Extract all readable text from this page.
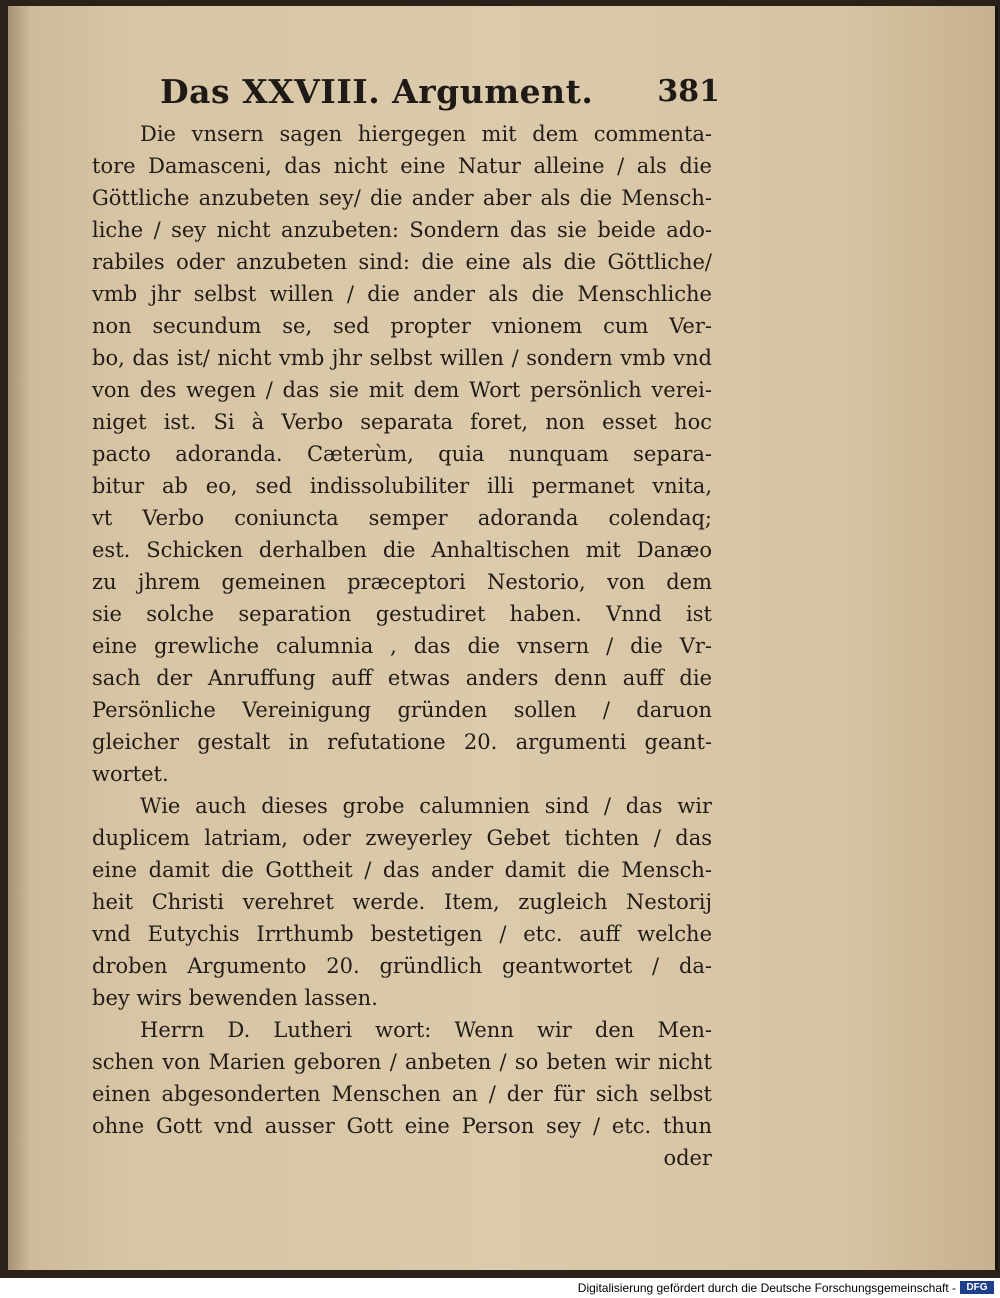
Das XXVIII. Argument. 381
Die vnsern sagen hiergegen mit dem commenta-
tore Damasceni, das nicht eine Natur alleine / als die
Göttliche anzubeten sey/ die ander aber als die Mensch-
liche / sey nicht anzubeten: Sondern das sie beide ado-
rabiles oder anzubeten sind: die eine als die Göttliche/
vmb jhr selbst willen / die ander als die Menschliche
non secundum se, sed propter vnionem cum Ver-
bo, das ist/ nicht vmb jhr selbst willen / sondern vmb vnd
von des wegen / das sie mit dem Wort persönlich verei-
niget ist. Si à Verbo separata foret, non esset hoc
pacto adoranda. Cæterùm, quia nunquam separa-
bitur ab eo, sed indissolubiliter illi permanet vnita,
vt Verbo coniuncta semper adoranda colendaq;
est. Schicken derhalben die Anhaltischen mit Danæo
zu jhrem gemeinen præceptori Nestorio, von dem
sie solche separation gestudiret haben. Vnnd ist
eine grewliche calumnia , das die vnsern / die Vr-
sach der Anruffung auff etwas anders denn auff die
Persönliche Vereinigung gründen sollen / daruon
gleicher gestalt in refutatione 20. argumenti geant-
wortet.
Wie auch dieses grobe calumnien sind / das wir
duplicem latriam, oder zweyerley Gebet tichten / das
eine damit die Gottheit / das ander damit die Mensch-
heit Christi verehret werde. Item, zugleich Nestorij
vnd Eutychis Irrthumb bestetigen / etc. auff welche
droben Argumento 20. gründlich geantwortet / da-
bey wirs bewenden lassen.
Herrn D. Lutheri wort: Wenn wir den Men-
schen von Marien geboren / anbeten / so beten wir nicht
einen abgesonderten Menschen an / der für sich selbst
ohne Gott vnd ausser Gott eine Person sey / etc. thun
oder
Digitalisierung gefördert durch die Deutsche Forschungsgemeinschaft -	DFG
